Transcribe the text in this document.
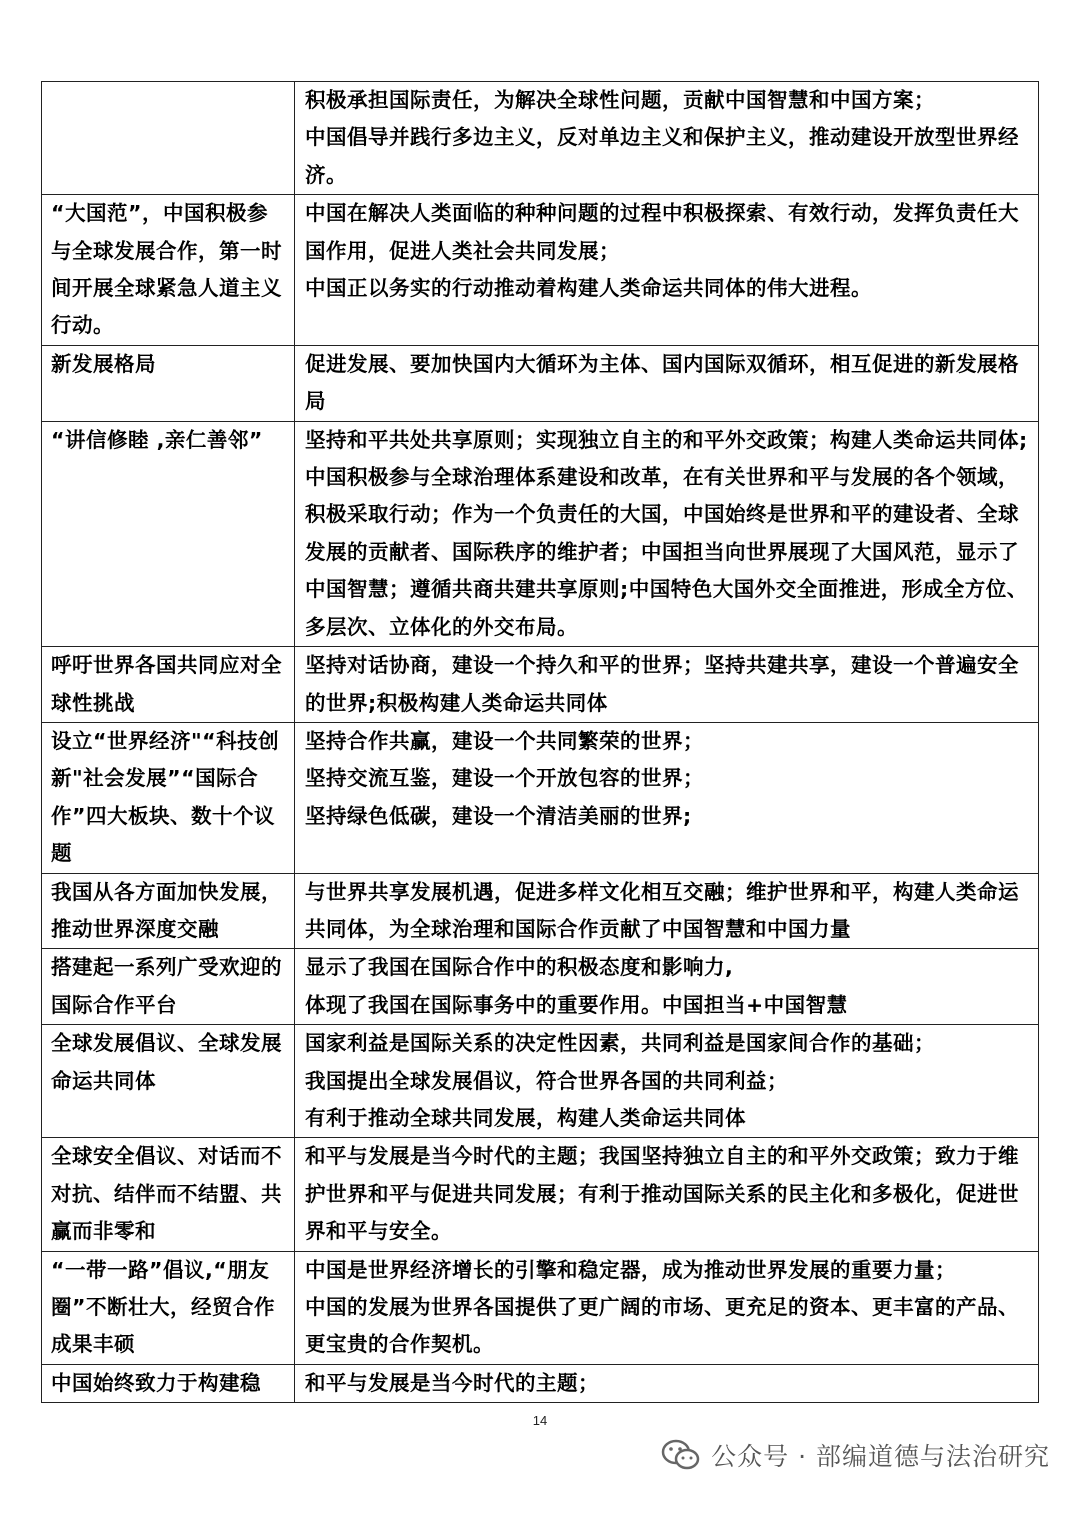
	积极承担国际责任，为解决全球性问题，贡献中国智慧和中国方案；
中国倡导并践行多边主义，反对单边主义和保护主义，推动建设开放型世界经济。

“大国范”，中国积极参与全球发展合作，第一时间开展全球紧急人道主义行动。	中国在解决人类面临的种种问题的过程中积极探索、有效行动，发挥负责任大国作用，促进人类社会共同发展；
中国正以务实的行动推动着构建人类命运共同体的伟大进程。

新发展格局	促进发展、要加快国内大循环为主体、国内国际双循环，相互促进的新发展格局

“讲信修睦 ,亲仁善邻”	坚持和平共处共享原则；实现独立自主的和平外交政策；构建人类命运共同体;中国积极参与全球治理体系建设和改革，在有关世界和平与发展的各个领域，积极采取行动；作为一个负责任的大国，中国始终是世界和平的建设者、全球发展的贡献者、国际秩序的维护者；中国担当向世界展现了大国风范，显示了中国智慧；遵循共商共建共享原则;中国特色大国外交全面推进，形成全方位、多层次、立体化的外交布局。

呼吁世界各国共同应对全球性挑战	坚持对话协商，建设一个持久和平的世界；坚持共建共享，建设一个普遍安全的世界;积极构建人类命运共同体

设立“世界经济"“科技创新"社会发展”“国际合作”四大板块、数十个议题	坚持合作共赢，建设一个共同繁荣的世界；
坚持交流互鉴，建设一个开放包容的世界；
坚持绿色低碳，建设一个清洁美丽的世界;

我国从各方面加快发展，推动世界深度交融	与世界共享发展机遇，促进多样文化相互交融；维护世界和平，构建人类命运共同体，为全球治理和国际合作贡献了中国智慧和中国力量

搭建起一系列广受欢迎的国际合作平台	显示了我国在国际合作中的积极态度和影响力,
体现了我国在国际事务中的重要作用。中国担当+中国智慧

全球发展倡议、全球发展命运共同体	国家利益是国际关系的决定性因素，共同利益是国家间合作的基础；
我国提出全球发展倡议，符合世界各国的共同利益；
有利于推动全球共同发展，构建人类命运共同体

全球安全倡议、对话而不对抗、结伴而不结盟、共赢而非零和	和平与发展是当今时代的主题；我国坚持独立自主的和平外交政策；致力于维护世界和平与促进共同发展；有利于推动国际关系的民主化和多极化，促进世界和平与安全。

“一带一路”倡议,“朋友圈”不断壮大，经贸合作成果丰硕	中国是世界经济增长的引擎和稳定器，成为推动世界发展的重要力量；
中国的发展为世界各国提供了更广阔的市场、更充足的资本、更丰富的产品、更宝贵的合作契机。

中国始终致力于构建稳	和平与发展是当今时代的主题；
14
公众号 · 部编道德与法治研究
